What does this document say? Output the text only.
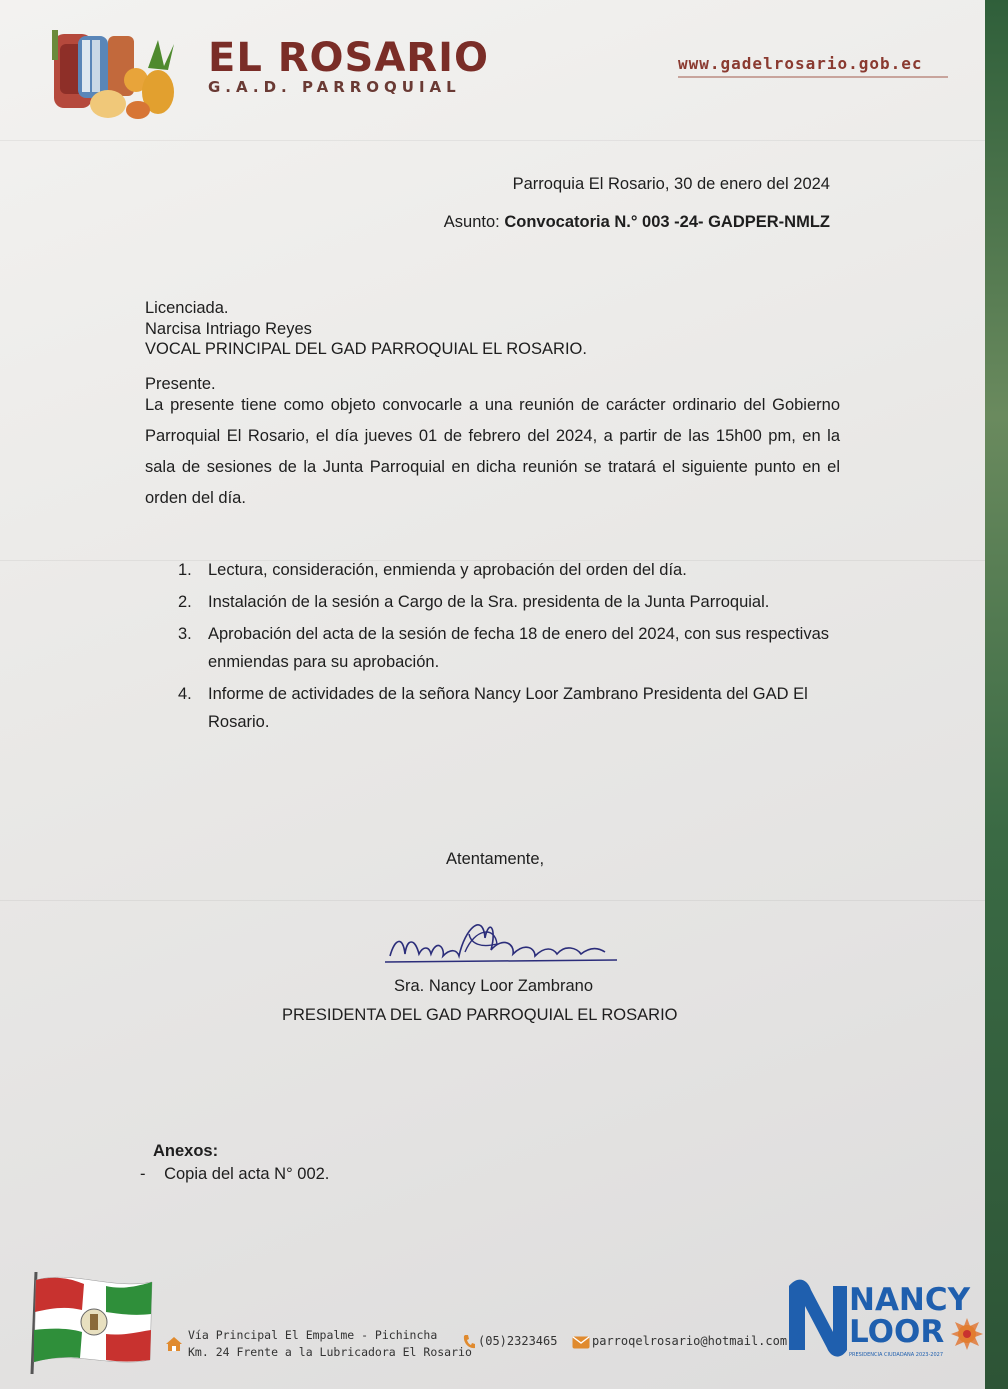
EL ROSARIO
G.A.D. PARROQUIAL
www.gadelrosario.gob.ec
Parroquia El Rosario, 30 de enero del 2024
Asunto: Convocatoria N.° 003 -24- GADPER-NMLZ
Licenciada.
Narcisa Intriago Reyes
VOCAL PRINCIPAL DEL GAD PARROQUIAL EL ROSARIO.
Presente.
La presente tiene como objeto convocarle a una reunión de carácter ordinario del Gobierno Parroquial El Rosario, el día jueves 01 de febrero del 2024, a partir de las 15h00 pm, en la sala de sesiones de la Junta Parroquial en dicha reunión se tratará el siguiente punto en el orden del día.
1. Lectura, consideración, enmienda y aprobación del orden del día.
2. Instalación de la sesión a Cargo de la Sra. presidenta de la Junta Parroquial.
3. Aprobación del acta de la sesión de fecha 18 de enero del 2024, con sus respectivas enmiendas para su aprobación.
4. Informe de actividades de la señora Nancy Loor Zambrano Presidenta del GAD El Rosario.
Atentamente,
Sra. Nancy Loor Zambrano
PRESIDENTA DEL GAD PARROQUIAL EL ROSARIO
Anexos:
- Copia del acta N° 002.
Vía Principal El Empalme - Pichincha
Km. 24 Frente a la Lubricadora El Rosario
(05)2323465	parroqelrosario@hotmail.com
NANCY
LOOR
PRESIDENCIA CIUDADANA 2023-2027
